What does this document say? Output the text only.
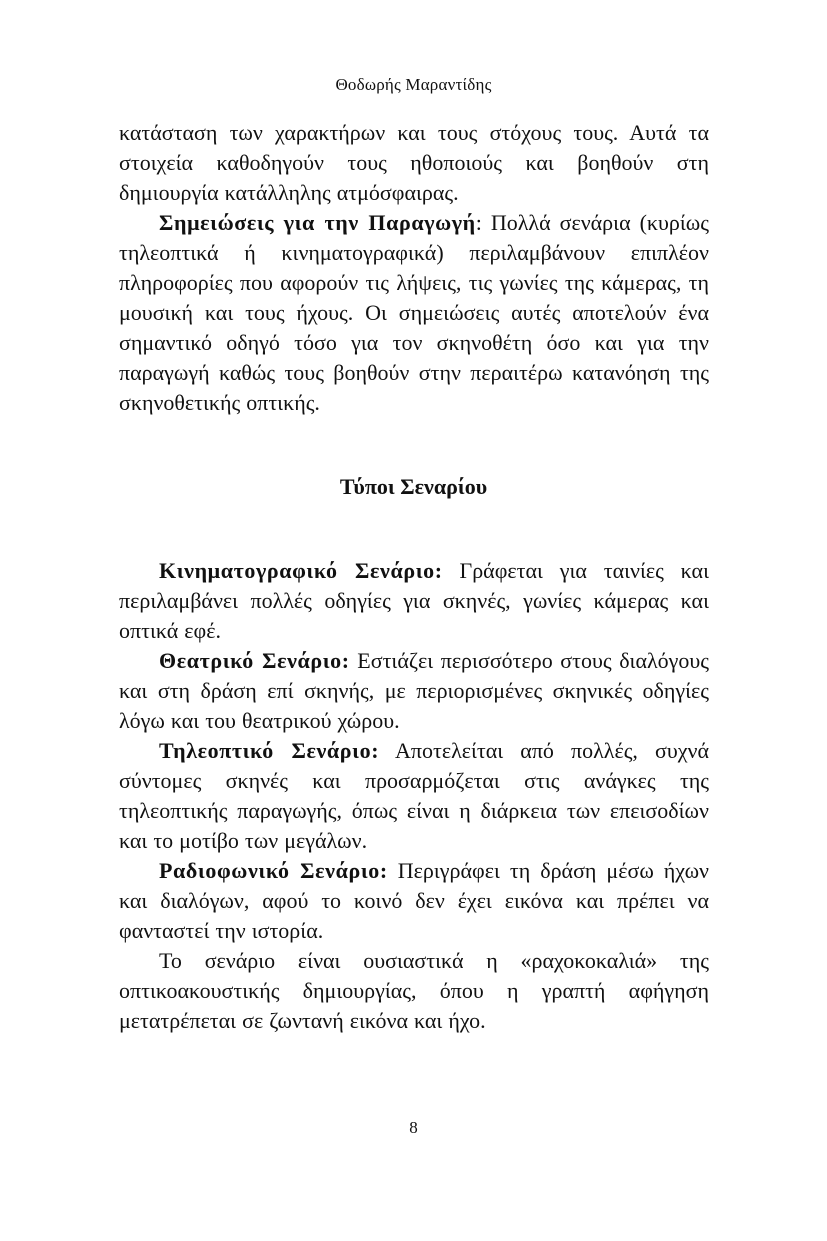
Θοδωρής Μαραντίδης

κατάσταση των χαρακτήρων και τους στόχους τους. Αυτά τα στοιχεία καθοδηγούν τους ηθοποιούς και βοηθούν στη δημιουργία κατάλληλης ατμόσφαιρας.

Σημειώσεις για την Παραγωγή: Πολλά σενάρια (κυρίως τηλεοπτικά ή κινηματογραφικά) περιλαμβάνουν επιπλέον πληροφορίες που αφορούν τις λήψεις, τις γωνίες της κάμερας, τη μουσική και τους ήχους. Οι σημειώσεις αυτές αποτελούν ένα σημαντικό οδηγό τόσο για τον σκηνοθέτη όσο και για την παραγωγή καθώς τους βοηθούν στην περαιτέρω κατανόηση της σκηνοθετικής οπτικής.

Τύποι Σεναρίου

Κινηματογραφικό Σενάριο: Γράφεται για ταινίες και περιλαμβάνει πολλές οδηγίες για σκηνές, γωνίες κάμερας και οπτικά εφέ.

Θεατρικό Σενάριο: Εστιάζει περισσότερο στους διαλόγους και στη δράση επί σκηνής, με περιορισμένες σκηνικές οδηγίες λόγω και του θεατρικού χώρου.

Τηλεοπτικό Σενάριο: Αποτελείται από πολλές, συχνά σύντομες σκηνές και προσαρμόζεται στις ανάγκες της τηλεοπτικής παραγωγής, όπως είναι η διάρκεια των επεισοδίων και το μοτίβο των μεγάλων.

Ραδιοφωνικό Σενάριο: Περιγράφει τη δράση μέσω ήχων και διαλόγων, αφού το κοινό δεν έχει εικόνα και πρέπει να φανταστεί την ιστορία.

Το σενάριο είναι ουσιαστικά η «ραχοκοκαλιά» της οπτικοακουστικής δημιουργίας, όπου η γραπτή αφήγηση μετατρέπεται σε ζωντανή εικόνα και ήχο.

8
